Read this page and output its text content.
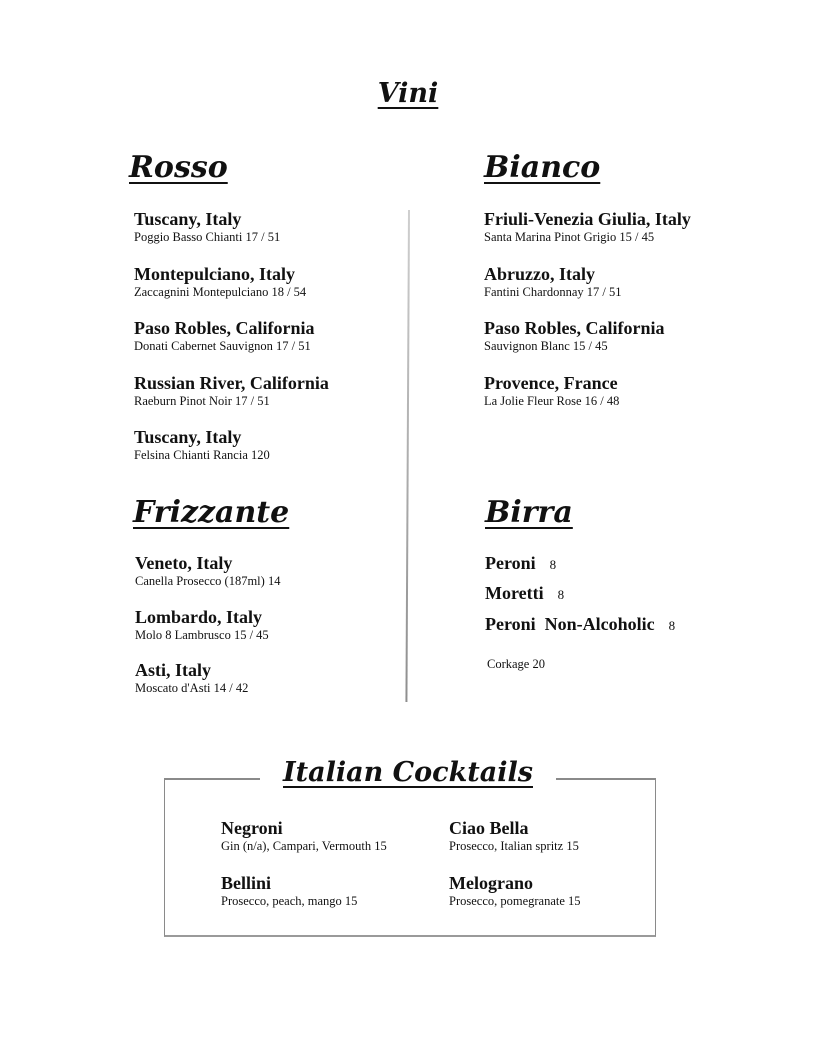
Vini
Rosso

Tuscany, Italy

Poggio Basso Chianti 17 / 51

Montepulciano, Italy

Zaccagnini Montepulciano 18 / 54

Paso Robles, California

Donati Cabernet Sauvignon 17 / 51

Russian River, California

Raeburn Pinot Noir 17 / 51

Tuscany, Italy

Felsina Chianti Rancia 120

Bianco

Friuli-Venezia Giulia, Italy

Santa Marina Pinot Grigio 15 / 45

Abruzzo, Italy

Fantini Chardonnay 17 / 51

Paso Robles, California

Sauvignon Blanc 15 / 45

Provence, France

La Jolie Fleur Rose 16 / 48

Frizzante

Veneto, Italy

Canella Prosecco (187ml) 14

Lombardo, Italy

Molo 8 Lambrusco 15 / 45

Asti, Italy

Moscato d'Asti 14 / 42

Birra
Peroni 8
Moretti 8
Peroni  Non-Alcoholic 8

Corkage 20

Italian Cocktails

Negroni

Gin (n/a), Campari, Vermouth 15

Bellini

Prosecco, peach, mango 15

Ciao Bella

Prosecco, Italian spritz 15

Melograno

Prosecco, pomegranate 15
